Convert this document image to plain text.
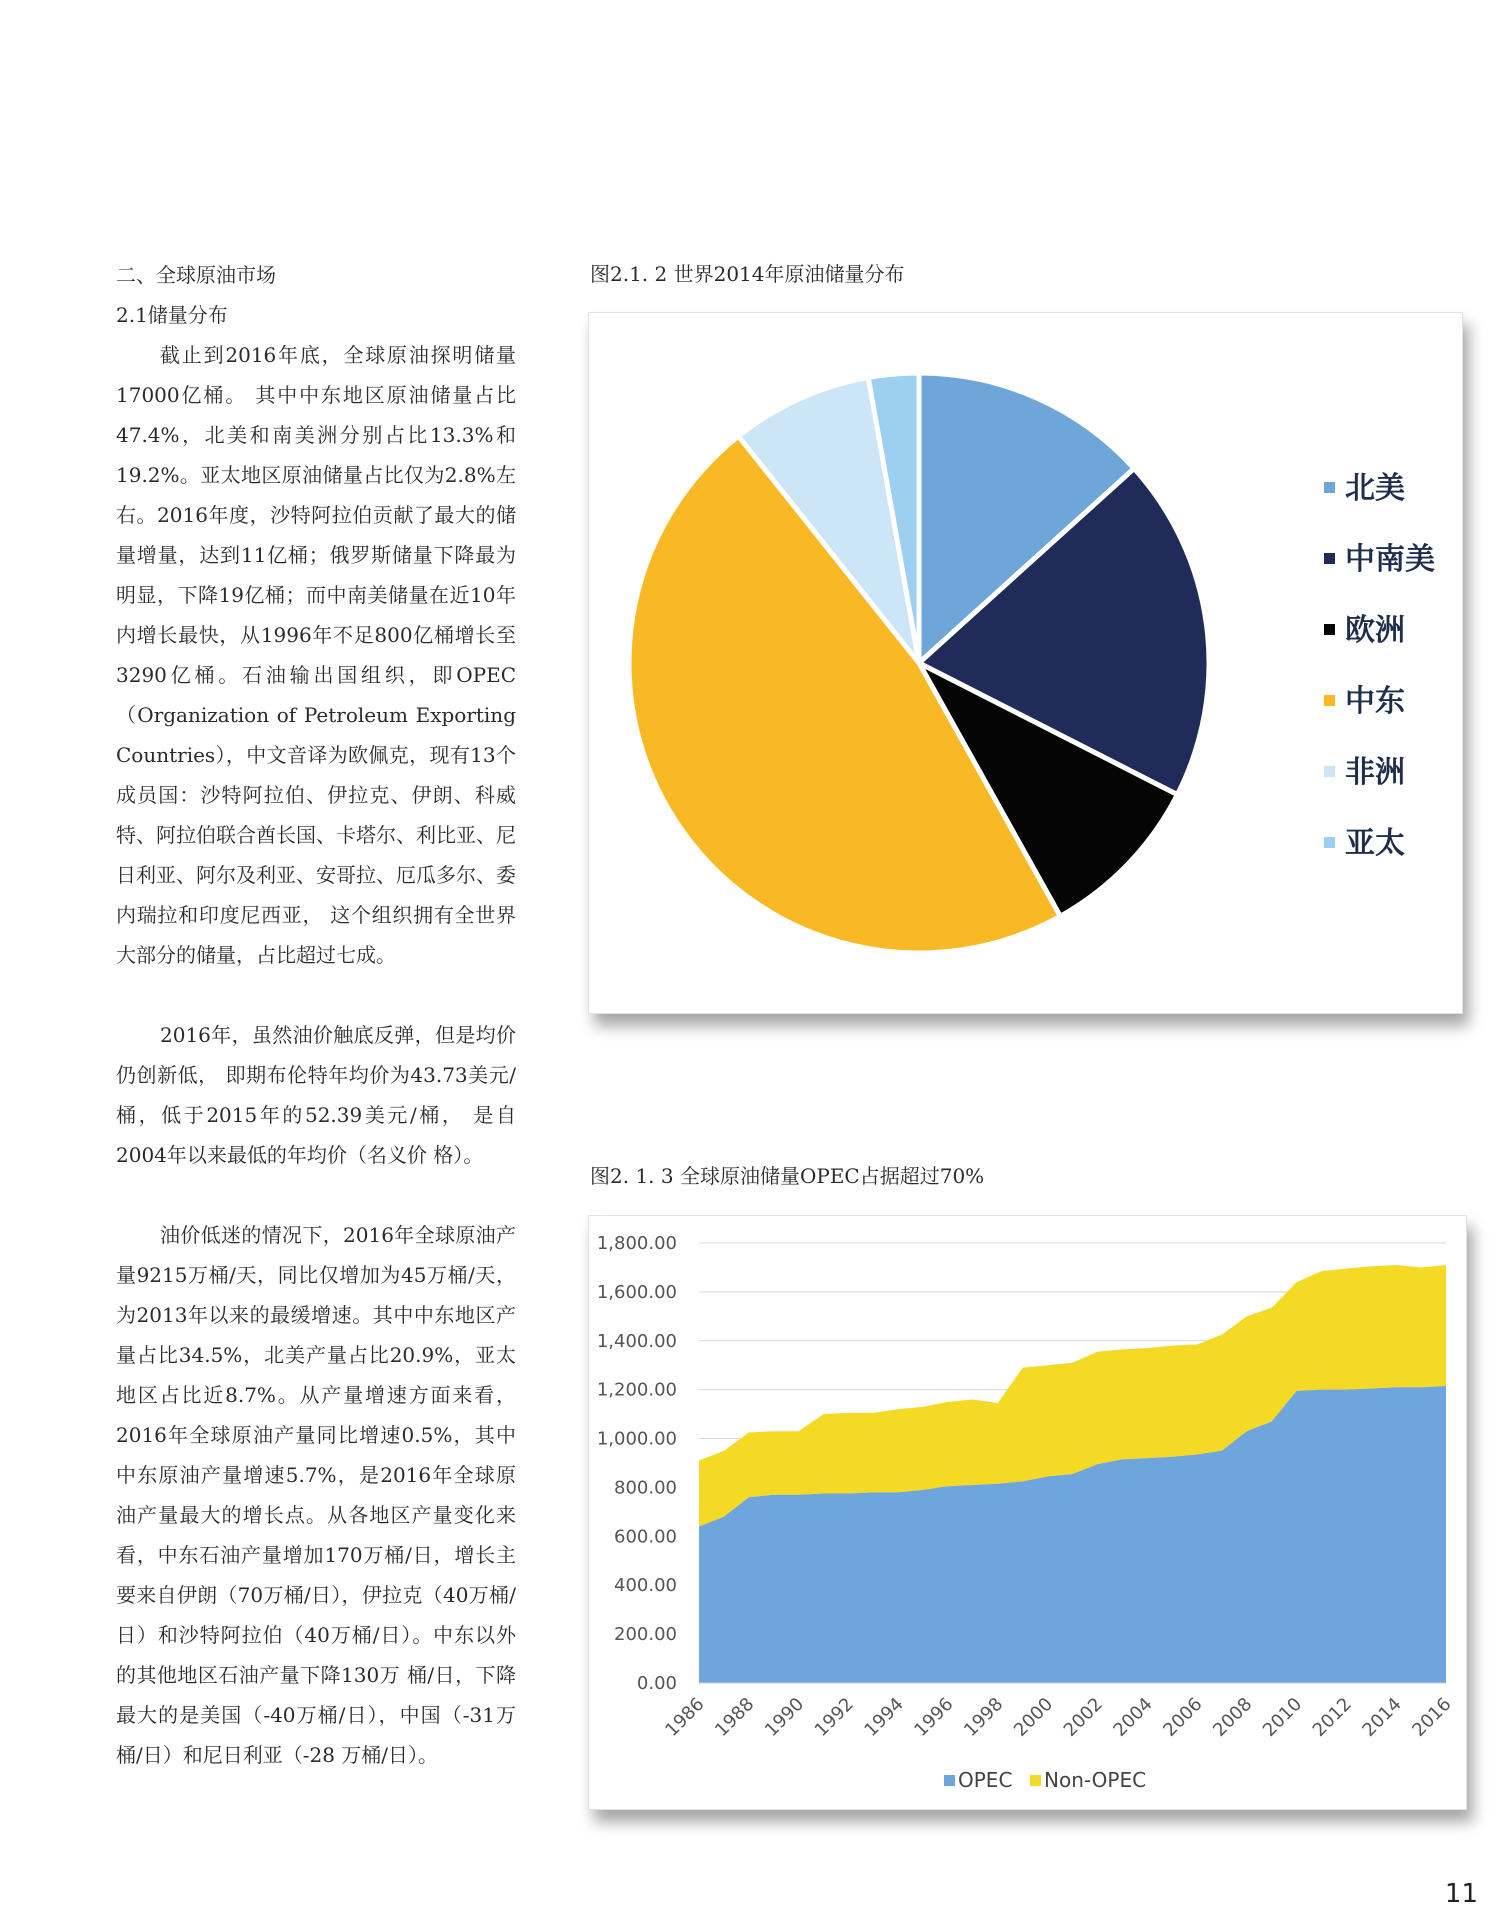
二、全球原油市场

2.1储量分布

截止到2016年底，全球原油探明储量17000亿桶。 其中中东地区原油储量占比47.4%，北美和南美洲分别占比13.3%和19.2%。亚太地区原油储量占比仅为2.8%左右。2016年度，沙特阿拉伯贡献了最大的储量增量，达到11亿桶；俄罗斯储量下降最为明显，下降19亿桶；而中南美储量在近10年内增长最快，从1996年不足800亿桶增长至3290亿桶。石油输出国组织，即OPEC（Organization of Petroleum Exporting Countries），中文音译为欧佩克，现有13个成员国：沙特阿拉伯、伊拉克、伊朗、科威特、阿拉伯联合酋长国、卡塔尔、利比亚、尼日利亚、阿尔及利亚、安哥拉、厄瓜多尔、委内瑞拉和印度尼西亚， 这个组织拥有全世界大部分的储量，占比超过七成。

2016年，虽然油价触底反弹，但是均价仍创新低， 即期布伦特年均价为43.73美元/桶，低于2015年的52.39美元/桶， 是自2004年以来最低的年均价（名义价 格）。

油价低迷的情况下，2016年全球原油产量9215万桶/天，同比仅增加为45万桶/天，为2013年以来的最缓增速。其中中东地区产量占比34.5%，北美产量占比20.9%，亚太地区占比近8.7%。从产量增速方面来看，2016年全球原油产量同比增速0.5%，其中中东原油产量增速5.7%，是2016年全球原油产量最大的增长点。从各地区产量变化来看，中东石油产量增加170万桶/日，增长主要来自伊朗（70万桶/日），伊拉克（40万桶/日）和沙特阿拉伯（40万桶/日）。中东以外的其他地区石油产量下降130万 桶/日，下降最大的是美国（-40万桶/日），中国（-31万桶/日）和尼日利亚（-28 万桶/日）。

图2.1. 2 世界2014年原油储量分布
北美
中南美
欧洲
中东
非洲
亚太
图2. 1. 3 全球原油储量OPEC占据超过70%
0.00
200.00
400.00
600.00
800.00
1,000.00
1,200.00
1,400.00
1,600.00
1,800.00
1986 1988 1990 1992 1994 1996 1998 2000 2002 2004 2006 2008 2010 2012 2014 2016
OPEC Non-OPEC
11
